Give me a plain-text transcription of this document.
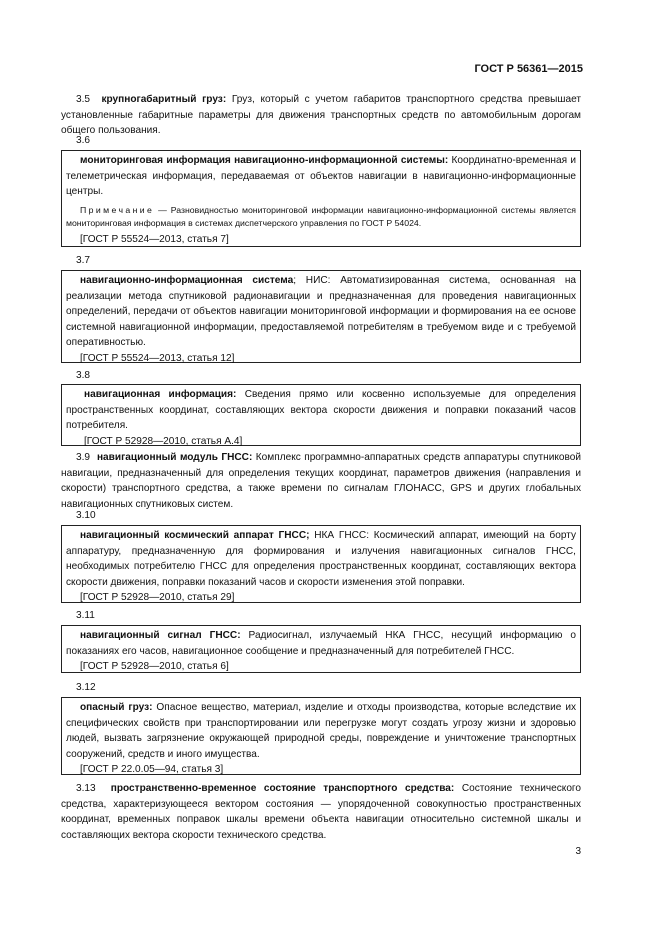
ГОСТ Р 56361—2015

3.5 крупногабаритный груз: Груз, который с учетом габаритов транспортного средства превышает установленные габаритные параметры для движения транспортных средств по автомобильным дорогам общего пользования.

3.6

мониторинговая информация навигационно-информационной системы: Координатно-временная и телеметрическая информация, передаваемая от объектов навигации в навигационно-информационные центры.

Примечание — Разновидностью мониторинговой информации навигационно-информационной системы является мониторинговая информация в системах диспетчерского управления по ГОСТ Р 54024.

[ГОСТ Р 55524—2013, статья 7]

3.7

навигационно-информационная система; НИС: Автоматизированная система, основанная на реализации метода спутниковой радионавигации и предназначенная для проведения навигационных определений, передачи от объектов навигации мониторинговой информации и формирования на ее основе системной навигационной информации, предоставляемой потребителям в требуемом виде и с требуемой оперативностью.

[ГОСТ Р 55524—2013, статья 12]

3.8

навигационная информация: Сведения прямо или косвенно используемые для определения пространственных координат, составляющих вектора скорости движения и поправки показаний часов потребителя.

[ГОСТ Р 52928—2010, статья А.4]

3.9 навигационный модуль ГНСС: Комплекс программно-аппаратных средств аппаратуры спутниковой навигации, предназначенный для определения текущих координат, параметров движения (направления и скорости) транспортного средства, а также времени по сигналам ГЛОНАСС, GPS и других глобальных навигационных спутниковых систем.

3.10

навигационный космический аппарат ГНСС; НКА ГНСС: Космический аппарат, имеющий на борту аппаратуру, предназначенную для формирования и излучения навигационных сигналов ГНСС, необходимых потребителю ГНСС для определения пространственных координат, составляющих вектора скорости движения, поправки показаний часов и скорости изменения этой поправки.

[ГОСТ Р 52928—2010, статья 29]

3.11

навигационный сигнал ГНСС: Радиосигнал, излучаемый НКА ГНСС, несущий информацию о показаниях его часов, навигационное сообщение и предназначенный для потребителей ГНСС.

[ГОСТ Р 52928—2010, статья 6]

3.12

опасный груз: Опасное вещество, материал, изделие и отходы производства, которые вследствие их специфических свойств при транспортировании или перегрузке могут создать угрозу жизни и здоровью людей, вызвать загрязнение окружающей природной среды, повреждение и уничтожение транспортных сооружений, средств и иного имущества.

[ГОСТ Р 22.0.05—94, статья 3]

3.13 пространственно-временное состояние транспортного средства: Состояние технического средства, характеризующееся вектором состояния — упорядоченной совокупностью пространственных координат, временных поправок шкалы времени объекта навигации относительно системной шкалы и составляющих вектора скорости технического средства.

3
